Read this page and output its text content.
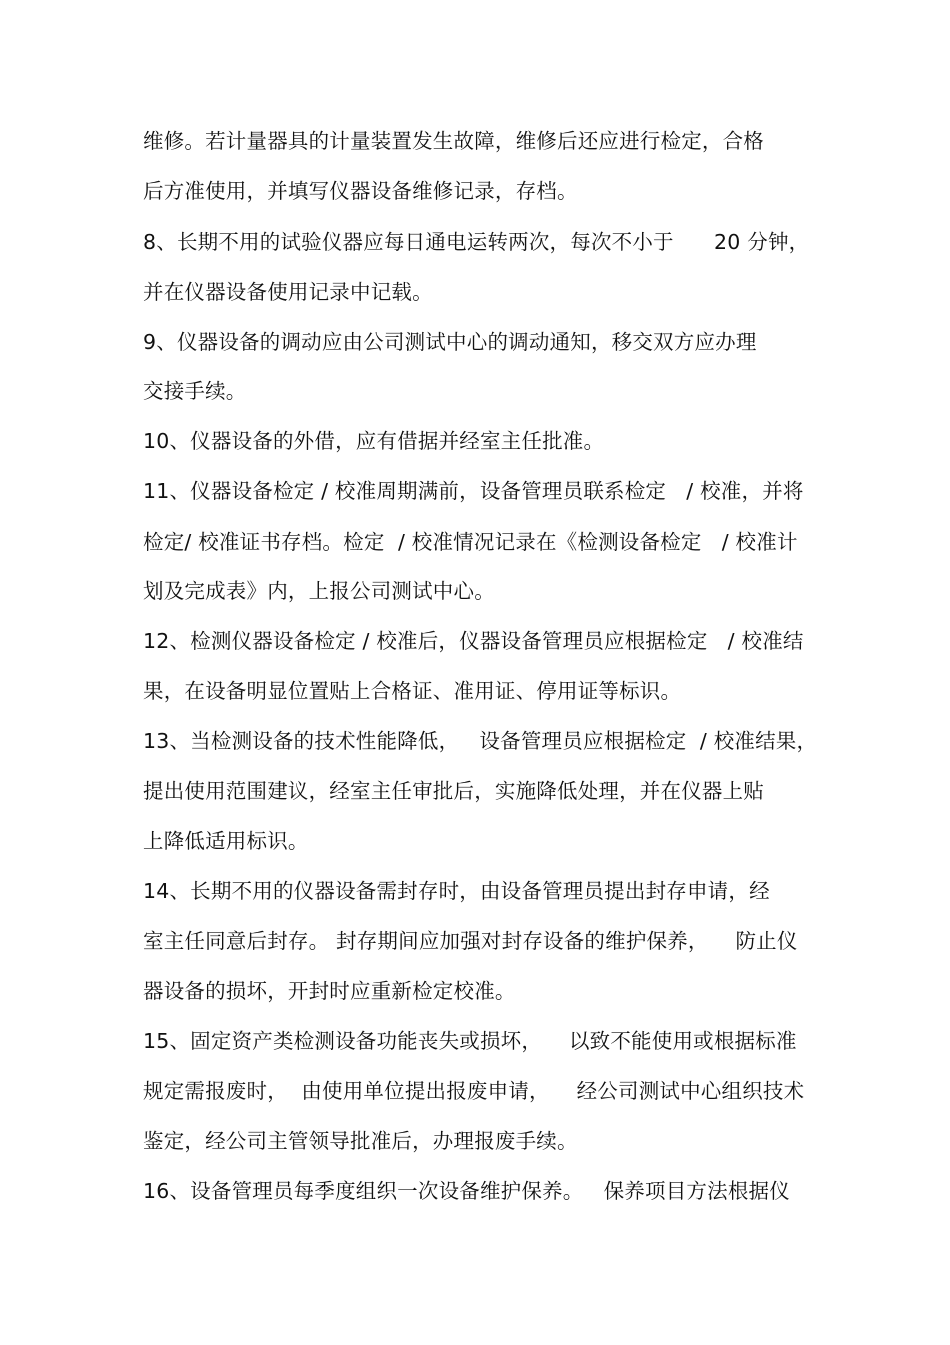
维修。若计量器具的计量装置发生故障，维修后还应进行检定，合格
后方准使用，并填写仪器设备维修记录，存档。
8、长期不用的试验仪器应每日通电运转两次，每次不小于      20 分钟，
并在仪器设备使用记录中记载。
9、仪器设备的调动应由公司测试中心的调动通知，移交双方应办理
交接手续。
10、仪器设备的外借，应有借据并经室主任批准。
11、仪器设备检定 / 校准周期满前，设备管理员联系检定   / 校准，并将
检定/ 校准证书存档。检定  / 校准情况记录在《检测设备检定   / 校准计
划及完成表》内，上报公司测试中心。
12、检测仪器设备检定 / 校准后，仪器设备管理员应根据检定   / 校准结
果，在设备明显位置贴上合格证、准用证、停用证等标识。
13、当检测设备的技术性能降低，   设备管理员应根据检定  / 校准结果，
提出使用范围建议，经室主任审批后，实施降低处理，并在仪器上贴
上降低适用标识。
14、长期不用的仪器设备需封存时，由设备管理员提出封存申请，经
室主任同意后封存。 封存期间应加强对封存设备的维护保养，    防止仪
器设备的损坏，开封时应重新检定校准。
15、固定资产类检测设备功能丧失或损坏，    以致不能使用或根据标准
规定需报废时，  由使用单位提出报废申请，    经公司测试中心组织技术
鉴定，经公司主管领导批准后，办理报废手续。
16、设备管理员每季度组织一次设备维护保养。   保养项目方法根据仪
